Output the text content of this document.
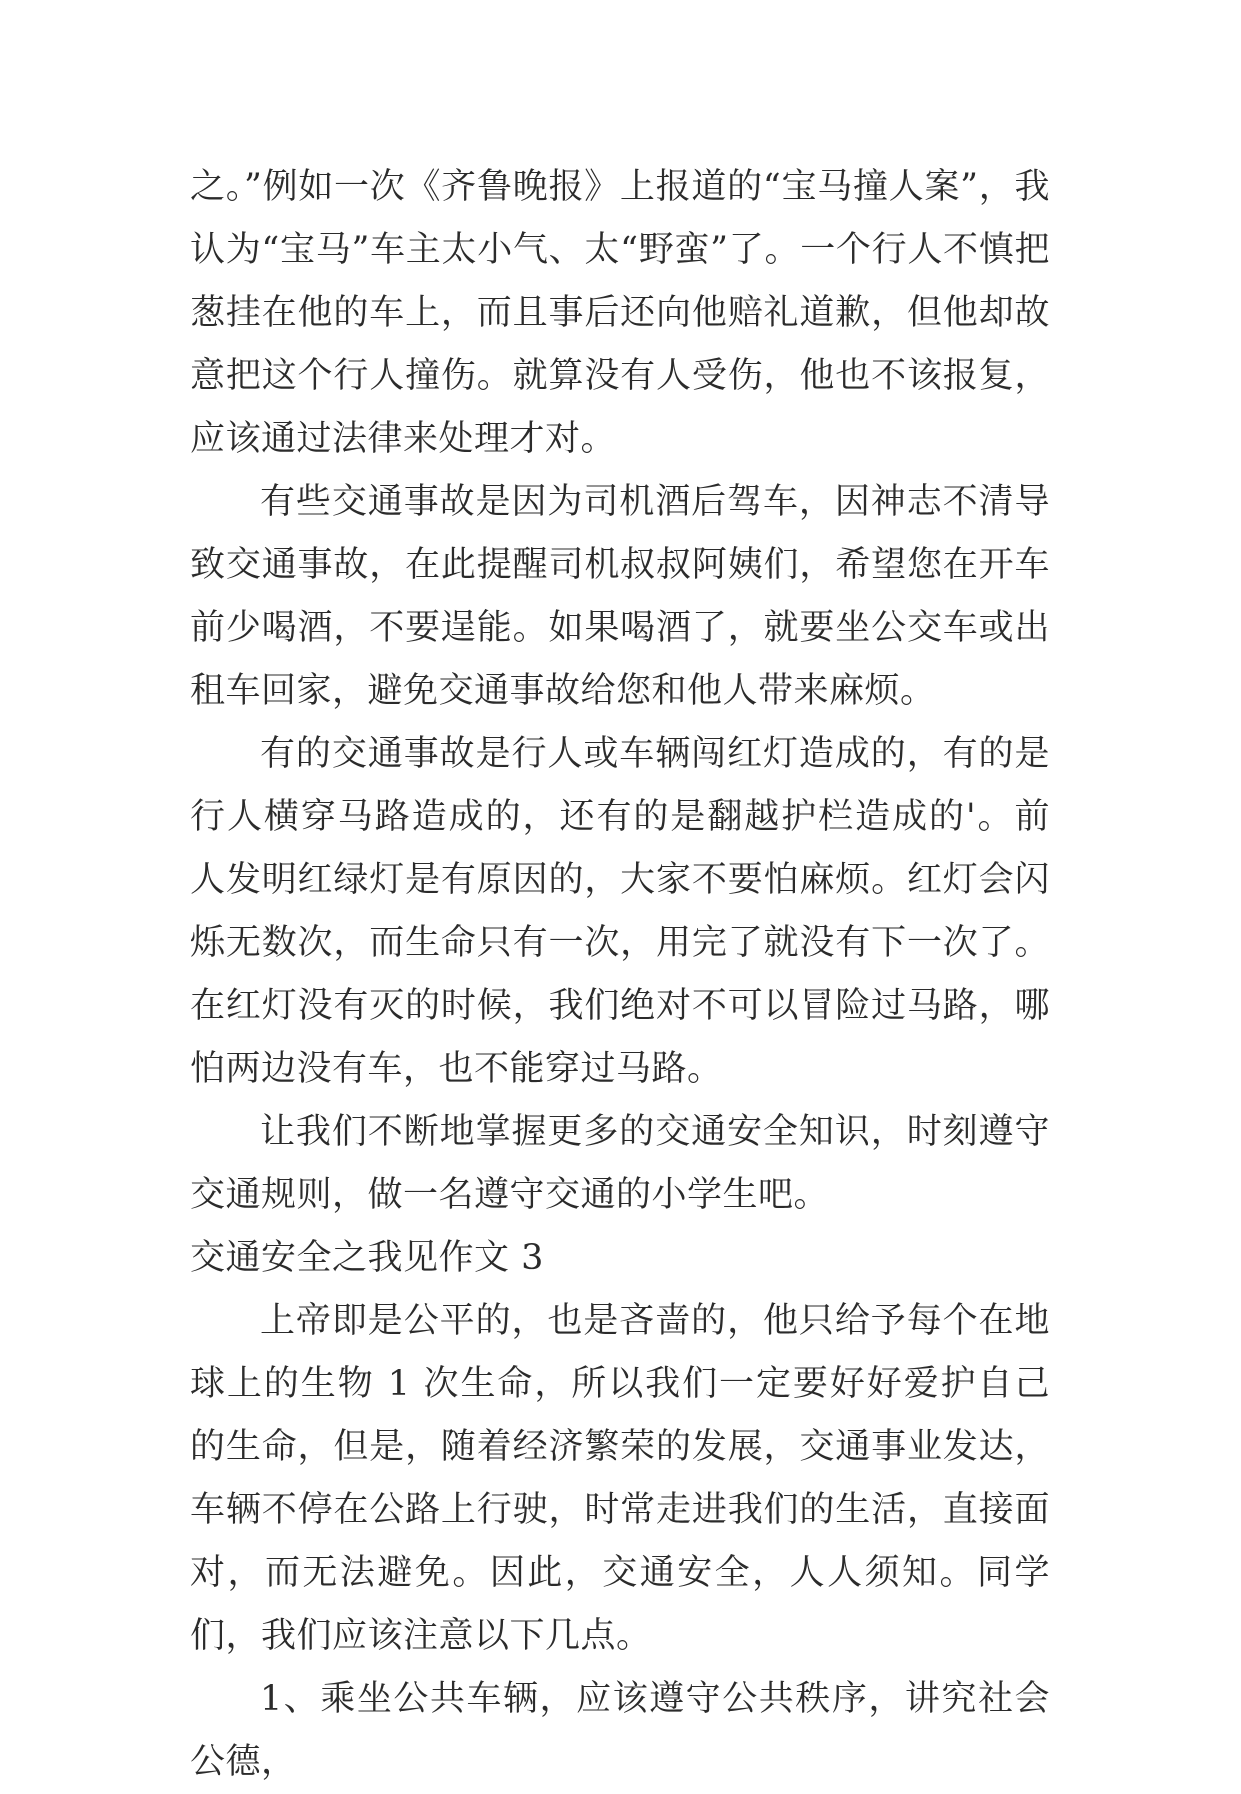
之。”例如一次《齐鲁晚报》上报道的“宝马撞人案”，我认为“宝马”车主太小气、太“野蛮”了。一个行人不慎把葱挂在他的车上，而且事后还向他赔礼道歉，但他却故意把这个行人撞伤。就算没有人受伤，他也不该报复，应该通过法律来处理才对。

有些交通事故是因为司机酒后驾车，因神志不清导致交通事故，在此提醒司机叔叔阿姨们，希望您在开车前少喝酒，不要逞能。如果喝酒了，就要坐公交车或出租车回家，避免交通事故给您和他人带来麻烦。

有的交通事故是行人或车辆闯红灯造成的，有的是行人横穿马路造成的，还有的是翻越护栏造成的'。前人发明红绿灯是有原因的，大家不要怕麻烦。红灯会闪烁无数次，而生命只有一次，用完了就没有下一次了。在红灯没有灭的时候，我们绝对不可以冒险过马路，哪怕两边没有车，也不能穿过马路。

让我们不断地掌握更多的交通安全知识，时刻遵守交通规则，做一名遵守交通的小学生吧。

交通安全之我见作文 3

上帝即是公平的，也是吝啬的，他只给予每个在地球上的生物 1 次生命，所以我们一定要好好爱护自己的生命，但是，随着经济繁荣的发展，交通事业发达，车辆不停在公路上行驶，时常走进我们的生活，直接面对，而无法避免。因此，交通安全，人人须知。同学们，我们应该注意以下几点。

1、乘坐公共车辆，应该遵守公共秩序，讲究社会公德，
